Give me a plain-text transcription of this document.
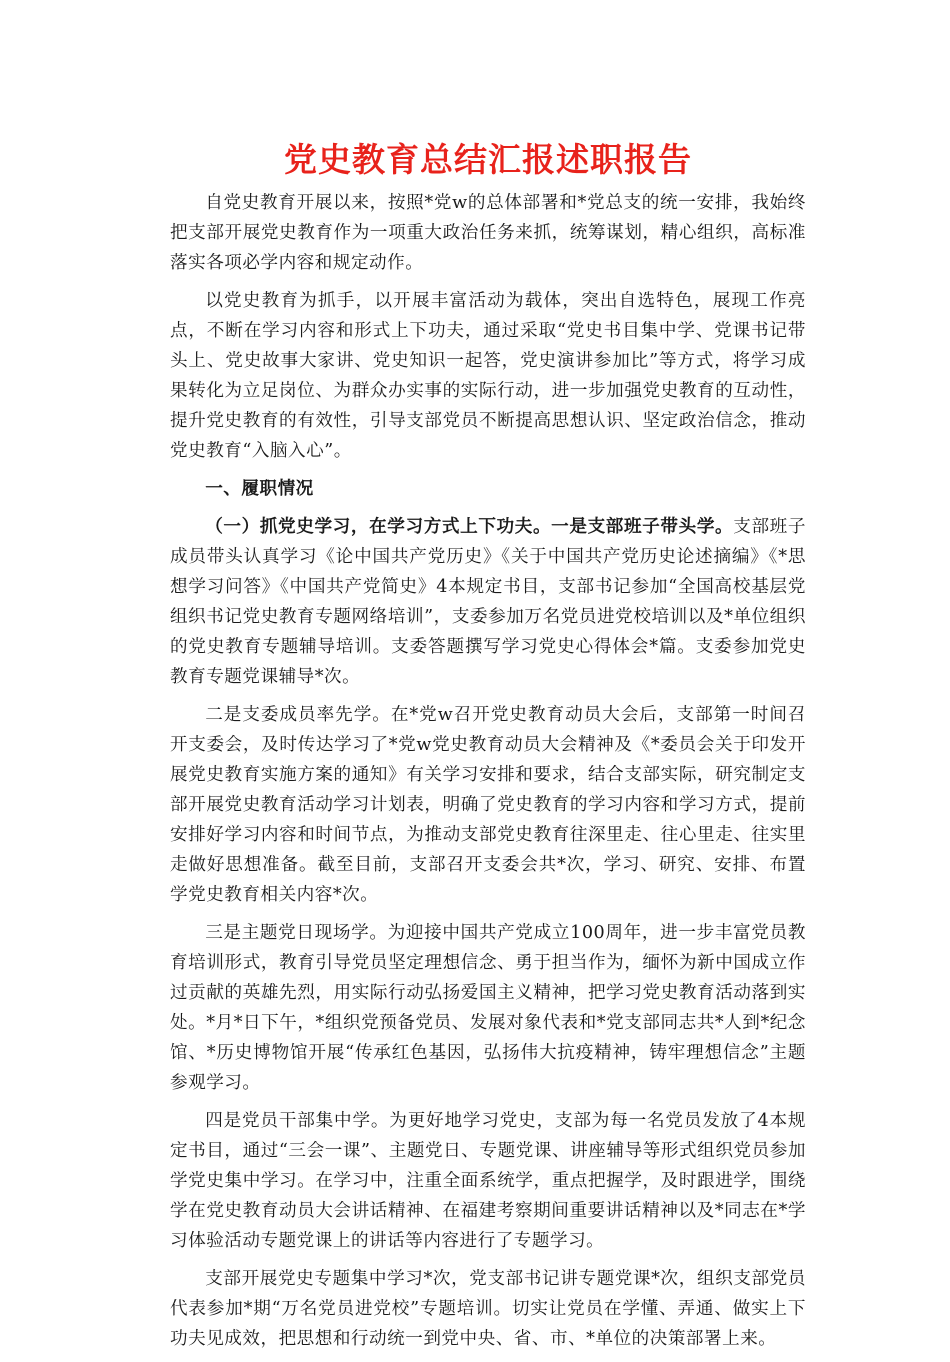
党史教育总结汇报述职报告

自党史教育开展以来，按照*党w的总体部署和*党总支的统一安排，我始终把支部开展党史教育作为一项重大政治任务来抓，统筹谋划，精心组织，高标准落实各项必学内容和规定动作。

以党史教育为抓手，以开展丰富活动为载体，突出自选特色，展现工作亮点，不断在学习内容和形式上下功夫，通过采取“党史书目集中学、党课书记带头上、党史故事大家讲、党史知识一起答，党史演讲参加比”等方式，将学习成果转化为立足岗位、为群众办实事的实际行动，进一步加强党史教育的互动性，提升党史教育的有效性，引导支部党员不断提高思想认识、坚定政治信念，推动党史教育“入脑入心”。

一、履职情况

（一）抓党史学习，在学习方式上下功夫。一是支部班子带头学。支部班子成员带头认真学习《论中国共产党历史》《关于中国共产党历史论述摘编》《*思想学习问答》《中国共产党简史》4本规定书目，支部书记参加“全国高校基层党组织书记党史教育专题网络培训”，支委参加万名党员进党校培训以及*单位组织的党史教育专题辅导培训。支委答题撰写学习党史心得体会*篇。支委参加党史教育专题党课辅导*次。

二是支委成员率先学。在*党w召开党史教育动员大会后，支部第一时间召开支委会，及时传达学习了*党w党史教育动员大会精神及《*委员会关于印发开展党史教育实施方案的通知》有关学习安排和要求，结合支部实际，研究制定支部开展党史教育活动学习计划表，明确了党史教育的学习内容和学习方式，提前安排好学习内容和时间节点，为推动支部党史教育往深里走、往心里走、往实里走做好思想准备。截至目前，支部召开支委会共*次，学习、研究、安排、布置学党史教育相关内容*次。

三是主题党日现场学。为迎接中国共产党成立100周年，进一步丰富党员教育培训形式，教育引导党员坚定理想信念、勇于担当作为，缅怀为新中国成立作过贡献的英雄先烈，用实际行动弘扬爱国主义精神，把学习党史教育活动落到实处。*月*日下午，*组织党预备党员、发展对象代表和*党支部同志共*人到*纪念馆、*历史博物馆开展“传承红色基因，弘扬伟大抗疫精神，铸牢理想信念”主题参观学习。

四是党员干部集中学。为更好地学习党史，支部为每一名党员发放了4本规定书目，通过“三会一课”、主题党日、专题党课、讲座辅导等形式组织党员参加学党史集中学习。在学习中，注重全面系统学，重点把握学，及时跟进学，围绕学在党史教育动员大会讲话精神、在福建考察期间重要讲话精神以及*同志在*学习体验活动专题党课上的讲话等内容进行了专题学习。

支部开展党史专题集中学习*次，党支部书记讲专题党课*次，组织支部党员代表参加*期“万名党员进党校”专题培训。切实让党员在学懂、弄通、做实上下功夫见成效，把思想和行动统一到党中央、省、市、*单位的决策部署上来。
